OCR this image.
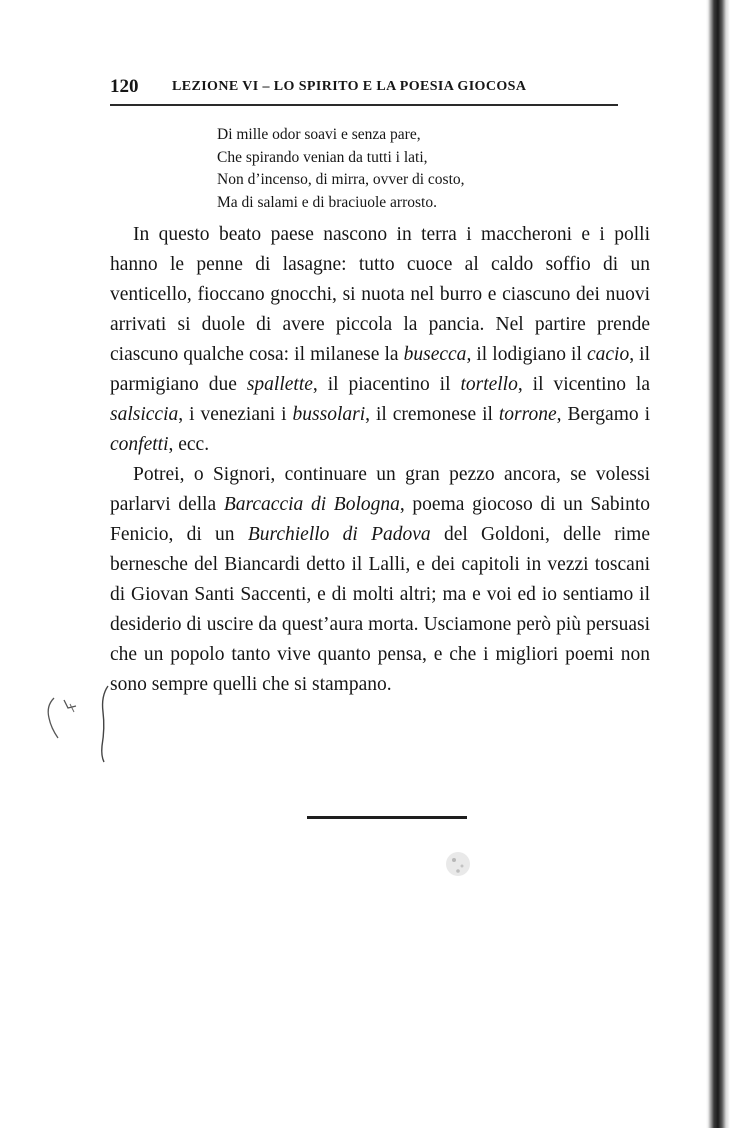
120 LEZIONE VI – LO SPIRITO E LA POESIA GIOCOSA
Di mille odor soavi e senza pare,
Che spirando venian da tutti i lati,
Non d’incenso, di mirra, ovver di costo,
Ma di salami e di braciuole arrosto.

In questo beato paese nascono in terra i maccheroni e i polli hanno le penne di lasagne: tutto cuoce al caldo soffio di un venticello, fioccano gnocchi, si nuota nel burro e ciascuno dei nuovi arrivati si duole di avere piccola la pancia. Nel partire prende ciascuno qualche cosa: il milanese la busecca, il lodigiano il cacio, il parmigiano due spallette, il piacentino il tortello, il vicentino la salsiccia, i veneziani i bussolari, il cremonese il torrone, Bergamo i confetti, ecc.

Potrei, o Signori, continuare un gran pezzo ancora, se volessi parlarvi della Barcaccia di Bologna, poema giocoso di un Sabinto Fenicio, di un Burchiello di Padova del Goldoni, delle rime bernesche del Biancardi detto il Lalli, e dei capitoli in vezzi toscani di Giovan Santi Saccenti, e di molti altri; ma e voi ed io sentiamo il desiderio di uscire da quest’aura morta. Usciamone però più persuasi che un popolo tanto vive quanto pensa, e che i migliori poemi non sono sempre quelli che si stampano.
